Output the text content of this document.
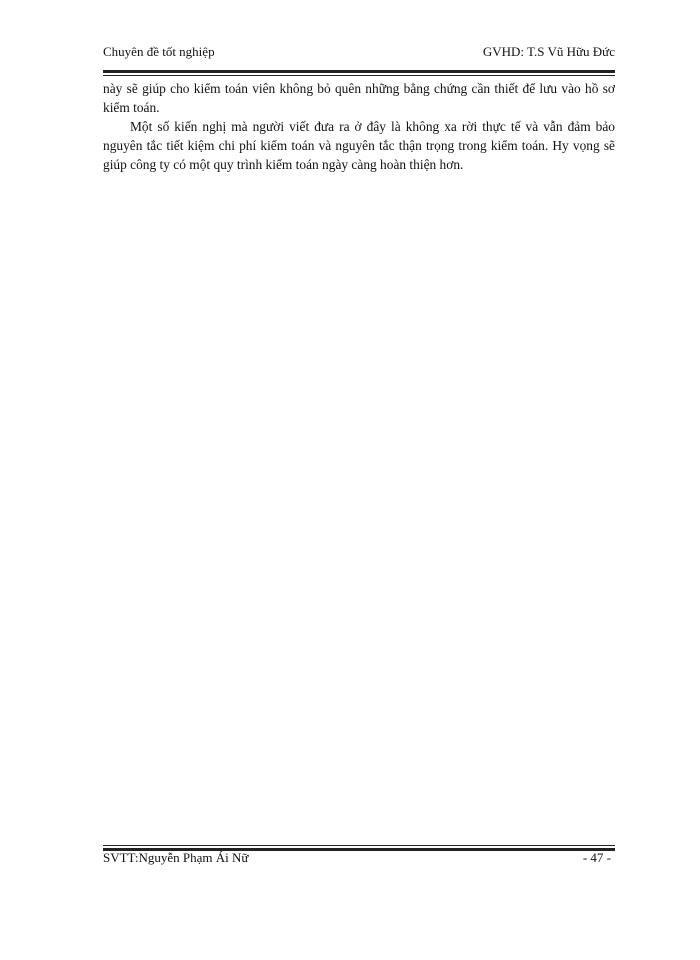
Chuyên đề tốt nghiệp	GVHD: T.S Vũ Hữu Đức

này sẽ giúp cho kiểm toán viên không bỏ quên những bằng chứng cần thiết để lưu vào hồ sơ kiểm toán.

Một số kiến nghị mà người viết đưa ra ở đây là không xa rời thực tế và vẫn đảm bảo nguyên tắc tiết kiệm chi phí kiểm toán và nguyên tắc thận trọng trong kiểm toán. Hy vọng sẽ giúp công ty có một quy trình kiểm toán ngày càng hoàn thiện hơn.

SVTT:Nguyễn Phạm Ái Nữ	- 47 -
